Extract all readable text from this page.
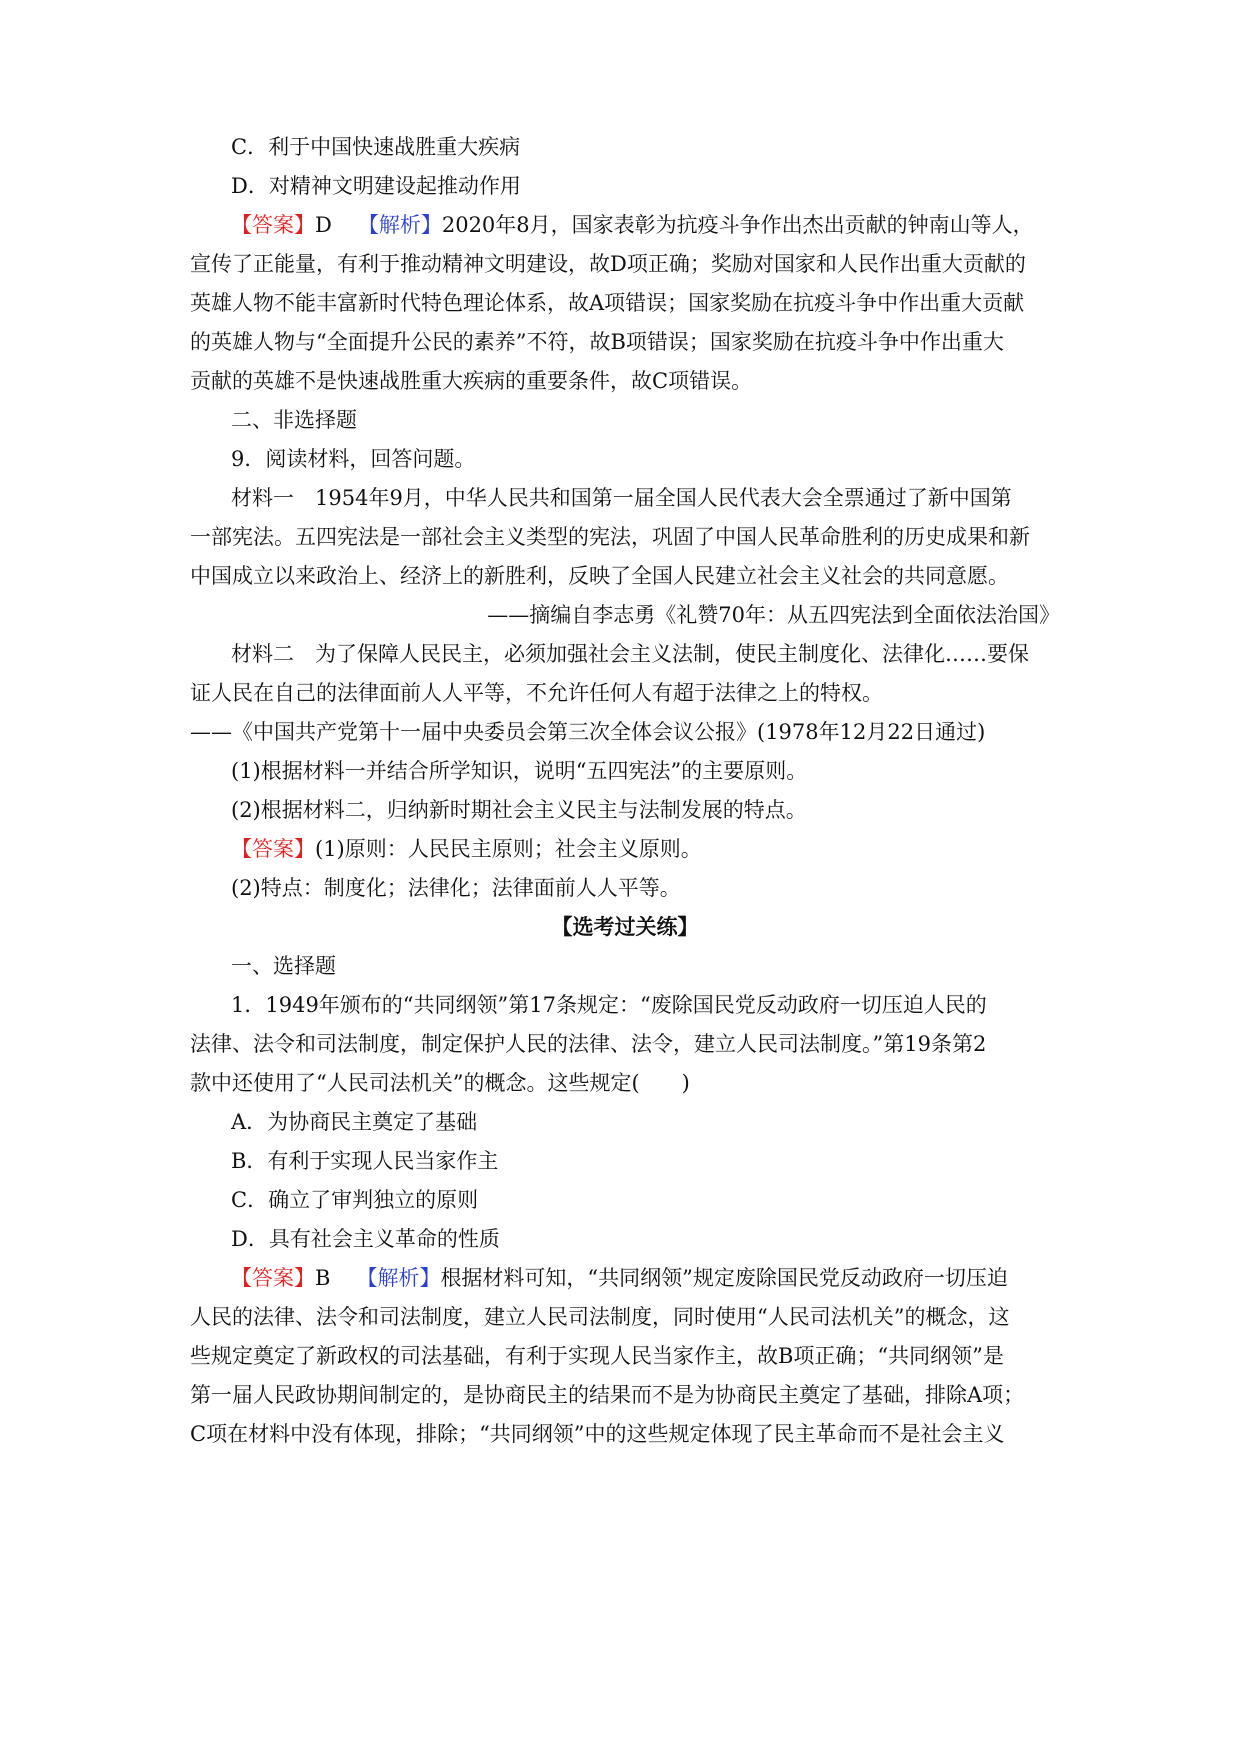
C．利于中国快速战胜重大疾病
D．对精神文明建设起推动作用
【答案】D 【解析】2020年8月，国家表彰为抗疫斗争作出杰出贡献的钟南山等人，
宣传了正能量，有利于推动精神文明建设，故D项正确；奖励对国家和人民作出重大贡献的
英雄人物不能丰富新时代特色理论体系，故A项错误；国家奖励在抗疫斗争中作出重大贡献
的英雄人物与“全面提升公民的素养”不符，故B项错误；国家奖励在抗疫斗争中作出重大
贡献的英雄不是快速战胜重大疾病的重要条件，故C项错误。
二、非选择题
9．阅读材料，回答问题。
材料一　1954年9月，中华人民共和国第一届全国人民代表大会全票通过了新中国第
一部宪法。五四宪法是一部社会主义类型的宪法，巩固了中国人民革命胜利的历史成果和新
中国成立以来政治上、经济上的新胜利，反映了全国人民建立社会主义社会的共同意愿。
——摘编自李志勇《礼赞70年：从五四宪法到全面依法治国》
材料二　为了保障人民民主，必须加强社会主义法制，使民主制度化、法律化……要保
证人民在自己的法律面前人人平等，不允许任何人有超于法律之上的特权。
——《中国共产党第十一届中央委员会第三次全体会议公报》(1978年12月22日通过)
(1)根据材料一并结合所学知识，说明“五四宪法”的主要原则。
(2)根据材料二，归纳新时期社会主义民主与法制发展的特点。
【答案】(1)原则：人民民主原则；社会主义原则。
(2)特点：制度化；法律化；法律面前人人平等。
【选考过关练】
一、选择题
1．1949年颁布的“共同纲领”第17条规定：“废除国民党反动政府一切压迫人民的
法律、法令和司法制度，制定保护人民的法律、法令，建立人民司法制度。”第19条第2
款中还使用了“人民司法机关”的概念。这些规定(　　)
A．为协商民主奠定了基础
B．有利于实现人民当家作主
C．确立了审判独立的原则
D．具有社会主义革命的性质
【答案】B 【解析】根据材料可知，“共同纲领”规定废除国民党反动政府一切压迫
人民的法律、法令和司法制度，建立人民司法制度，同时使用“人民司法机关”的概念，这
些规定奠定了新政权的司法基础，有利于实现人民当家作主，故B项正确；“共同纲领”是
第一届人民政协期间制定的，是协商民主的结果而不是为协商民主奠定了基础，排除A项；
C项在材料中没有体现，排除；“共同纲领”中的这些规定体现了民主革命而不是社会主义
